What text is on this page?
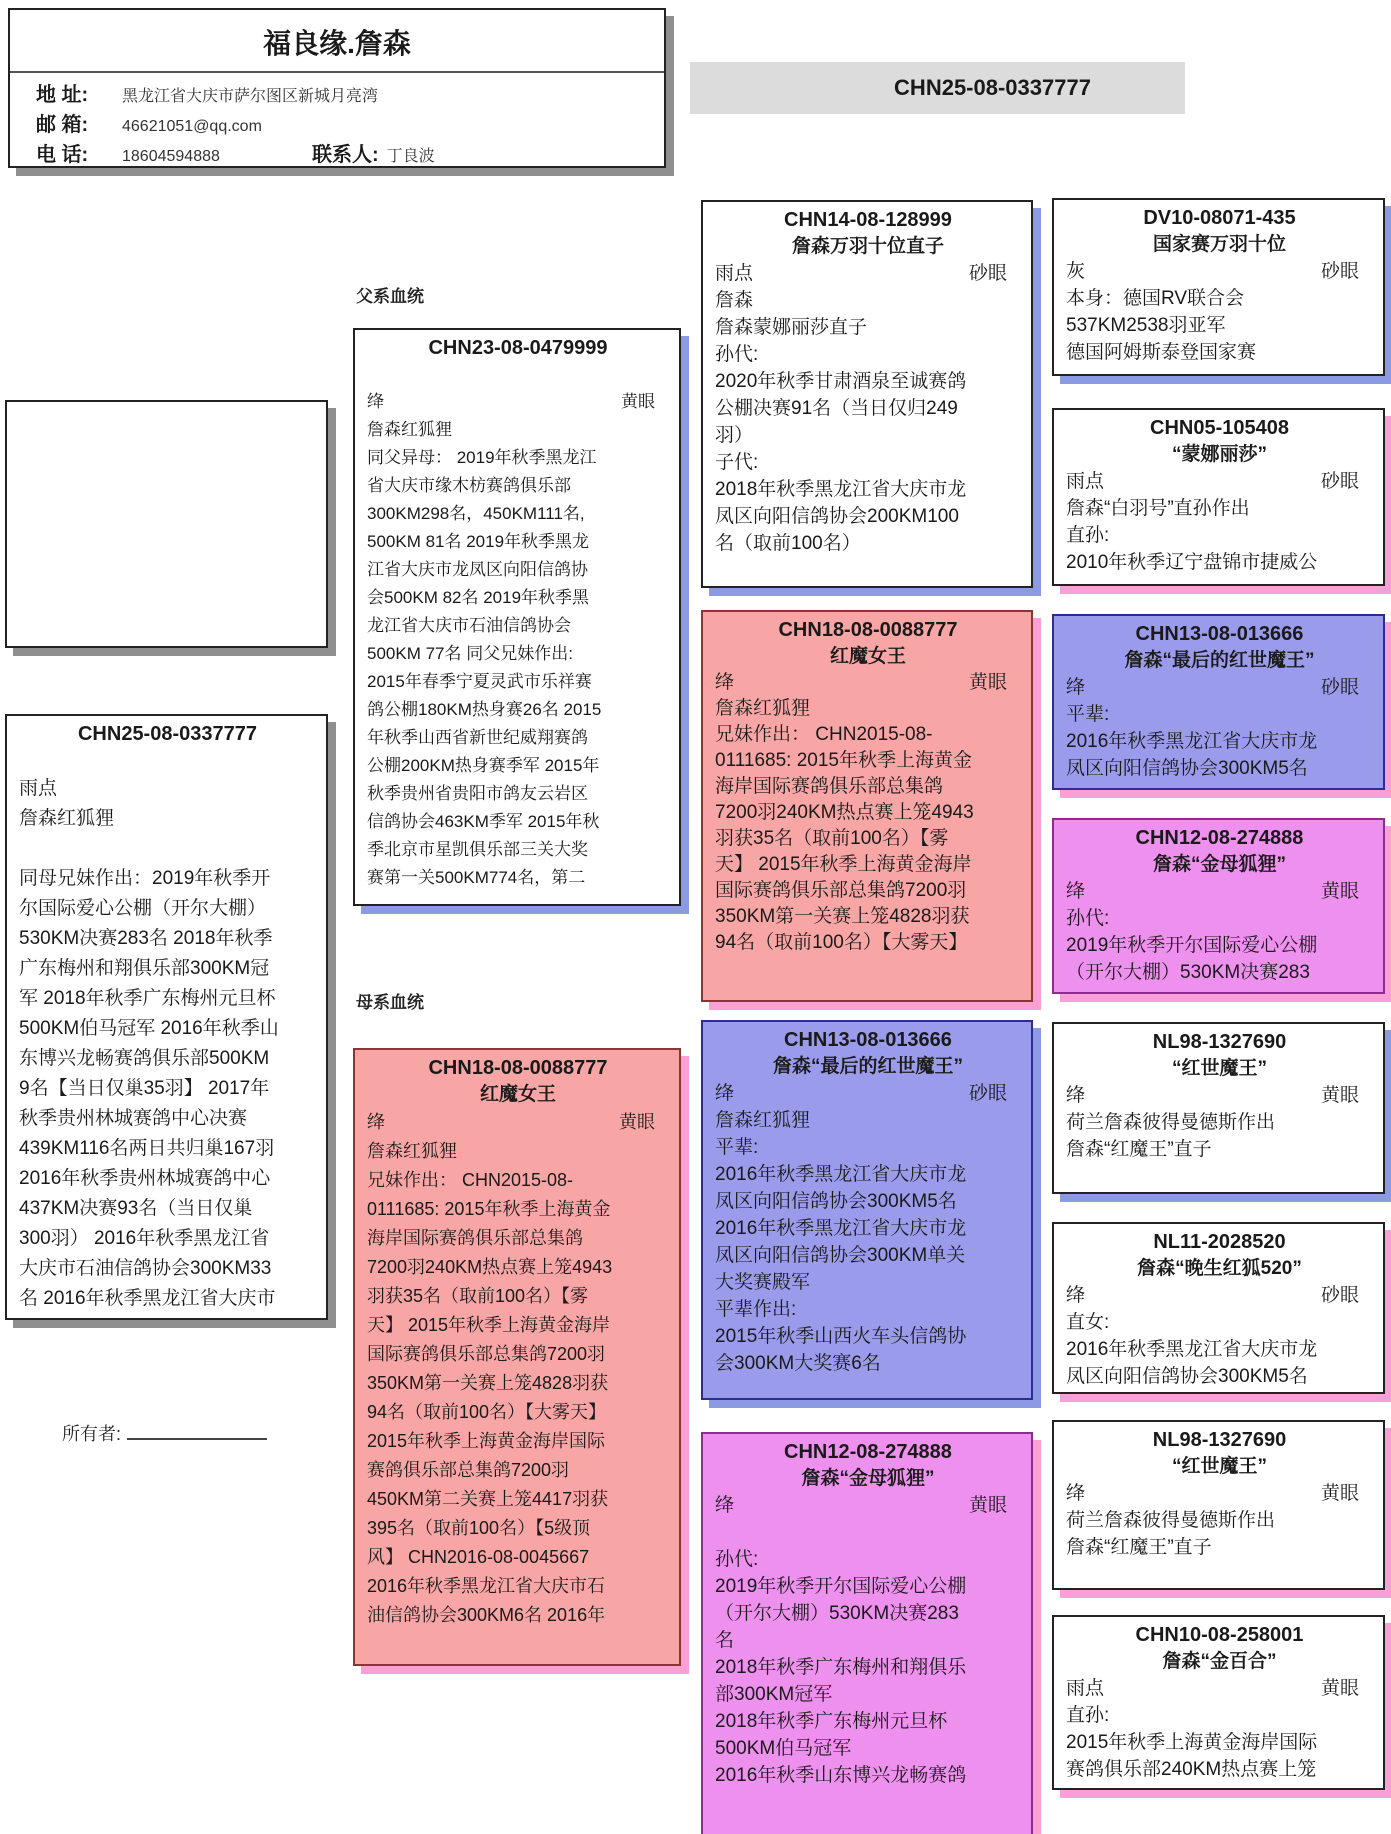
福良缘.詹森
地 址:	黑龙江省大庆市萨尔图区新城月亮湾
邮 箱:	46621051@qq.com
电 话:	18604594888	联系人: 丁良波
CHN25-08-0337777
父系血统
母系血统
所有者:
CHN25-08-0337777
雨点
詹森红狐狸

同母兄妹作出：2019年秋季开
尔国际爱心公棚（开尔大棚）
530KM决赛283名 2018年秋季
广东梅州和翔俱乐部300KM冠
军 2018年秋季广东梅州元旦杯
500KM伯马冠军 2016年秋季山
东博兴龙畅赛鸽俱乐部500KM
9名【当日仅巢35羽】 2017年
秋季贵州林城赛鸽中心决赛
439KM116名两日共归巢167羽
2016年秋季贵州林城赛鸽中心
437KM决赛93名（当日仅巢
300羽） 2016年秋季黑龙江省
大庆市石油信鸽协会300KM33
名 2016年秋季黑龙江省大庆市
CHN23-08-0479999
绛	黄眼
詹森红狐狸
同父异母： 2019年秋季黑龙江
省大庆市缘木枋赛鸽俱乐部
300KM298名，450KM111名,
500KM 81名 2019年秋季黑龙
江省大庆市龙凤区向阳信鸽协
会500KM 82名 2019年秋季黑
龙江省大庆市石油信鸽协会
500KM 77名 同父兄妹作出:
2015年春季宁夏灵武市乐祥赛
鸽公棚180KM热身赛26名 2015
年秋季山西省新世纪威翔赛鸽
公棚200KM热身赛季军 2015年
秋季贵州省贵阳市鸽友云岩区
信鸽协会463KM季军 2015年秋
季北京市星凯俱乐部三关大奖
赛第一关500KM774名，第二
CHN18-08-0088777
红魔女王
绛	黄眼
詹森红狐狸
兄妹作出： CHN2015-08-
0111685: 2015年秋季上海黄金
海岸国际赛鸽俱乐部总集鸽
7200羽240KM热点赛上笼4943
羽获35名（取前100名）【雾
天】 2015年秋季上海黄金海岸
国际赛鸽俱乐部总集鸽7200羽
350KM第一关赛上笼4828羽获
94名（取前100名）【大雾天】
2015年秋季上海黄金海岸国际
赛鸽俱乐部总集鸽7200羽
450KM第二关赛上笼4417羽获
395名（取前100名）【5级顶
风】 CHN2016-08-0045667
2016年秋季黑龙江省大庆市石
油信鸽协会300KM6名 2016年
CHN14-08-128999
詹森万羽十位直子
雨点	砂眼
詹森
詹森蒙娜丽莎直子
孙代:
2020年秋季甘肃酒泉至诚赛鸽
公棚决赛91名（当日仅归249
羽）
子代:
2018年秋季黑龙江省大庆市龙
凤区向阳信鸽协会200KM100
名（取前100名）
CHN18-08-0088777
红魔女王
绛	黄眼
詹森红狐狸
兄妹作出： CHN2015-08-
0111685: 2015年秋季上海黄金
海岸国际赛鸽俱乐部总集鸽
7200羽240KM热点赛上笼4943
羽获35名（取前100名）【雾
天】 2015年秋季上海黄金海岸
国际赛鸽俱乐部总集鸽7200羽
350KM第一关赛上笼4828羽获
94名（取前100名）【大雾天】
CHN13-08-013666
詹森“最后的红世魔王”
绛	砂眼
詹森红狐狸
平辈:
2016年秋季黑龙江省大庆市龙
凤区向阳信鸽协会300KM5名
2016年秋季黑龙江省大庆市龙
凤区向阳信鸽协会300KM单关
大奖赛殿军
平辈作出:
2015年秋季山西火车头信鸽协
会300KM大奖赛6名
CHN12-08-274888
詹森“金母狐狸”
绛	黄眼

孙代:
2019年秋季开尔国际爱心公棚
（开尔大棚）530KM决赛283
名
2018年秋季广东梅州和翔俱乐
部300KM冠军
2018年秋季广东梅州元旦杯
500KM伯马冠军
2016年秋季山东博兴龙畅赛鸽
DV10-08071-435
国家赛万羽十位
灰	砂眼
本身：德国RV联合会
537KM2538羽亚军
德国阿姆斯泰登国家赛
CHN05-105408
“蒙娜丽莎”
雨点	砂眼
詹森“白羽号”直孙作出
直孙:
2010年秋季辽宁盘锦市捷威公
CHN13-08-013666
詹森“最后的红世魔王”
绛	砂眼
平辈:
2016年秋季黑龙江省大庆市龙
凤区向阳信鸽协会300KM5名
CHN12-08-274888
詹森“金母狐狸”
绛	黄眼
孙代:
2019年秋季开尔国际爱心公棚
（开尔大棚）530KM决赛283
NL98-1327690
“红世魔王”
绛	黄眼
荷兰詹森彼得曼德斯作出
詹森“红魔王”直子
NL11-2028520
詹森“晚生红狐520”
绛	砂眼
直女:
2016年秋季黑龙江省大庆市龙
凤区向阳信鸽协会300KM5名
NL98-1327690
“红世魔王”
绛	黄眼
荷兰詹森彼得曼德斯作出
詹森“红魔王”直子
CHN10-08-258001
詹森“金百合”
雨点	黄眼
直孙:
2015年秋季上海黄金海岸国际
赛鸽俱乐部240KM热点赛上笼
